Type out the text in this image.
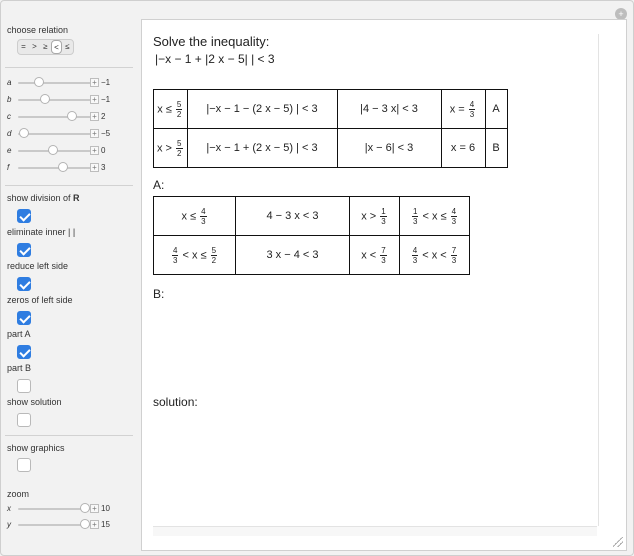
+
choose relation
= > ≥ < ≤
a	+ −1
b	+ −1
c	+ 2
d	+ −5
e	+ 0
f	+ 3
show division of R
eliminate inner | |
reduce left side
zeros of left side
part A
part B
show solution
show graphics
zoom
x	+ 10
y	+ 15
Solve the inequality:
|−x − 1 + |2 x − 5| | < 3
$x \le \frac{5}{2}$	|−x − 1 − (2 x − 5) | < 3	|4 − 3 x| < 3	$x = \frac{4}{3}$	A
$x > \frac{5}{2}$	|−x − 1 + (2 x − 5) | < 3	|x − 6| < 3	x = 6	B
A:
$x \le \frac{4}{3}$	4 − 3 x < 3	$x > \frac{1}{3}$	$\frac{1}{3} < x \le \frac{4}{3}$

$\frac{4}{3} < x \le \frac{5}{2}$	3 x − 4 < 3	$x < \frac{7}{3}$	$\frac{4}{3} < x < \frac{7}{3}$
B:
solution:
